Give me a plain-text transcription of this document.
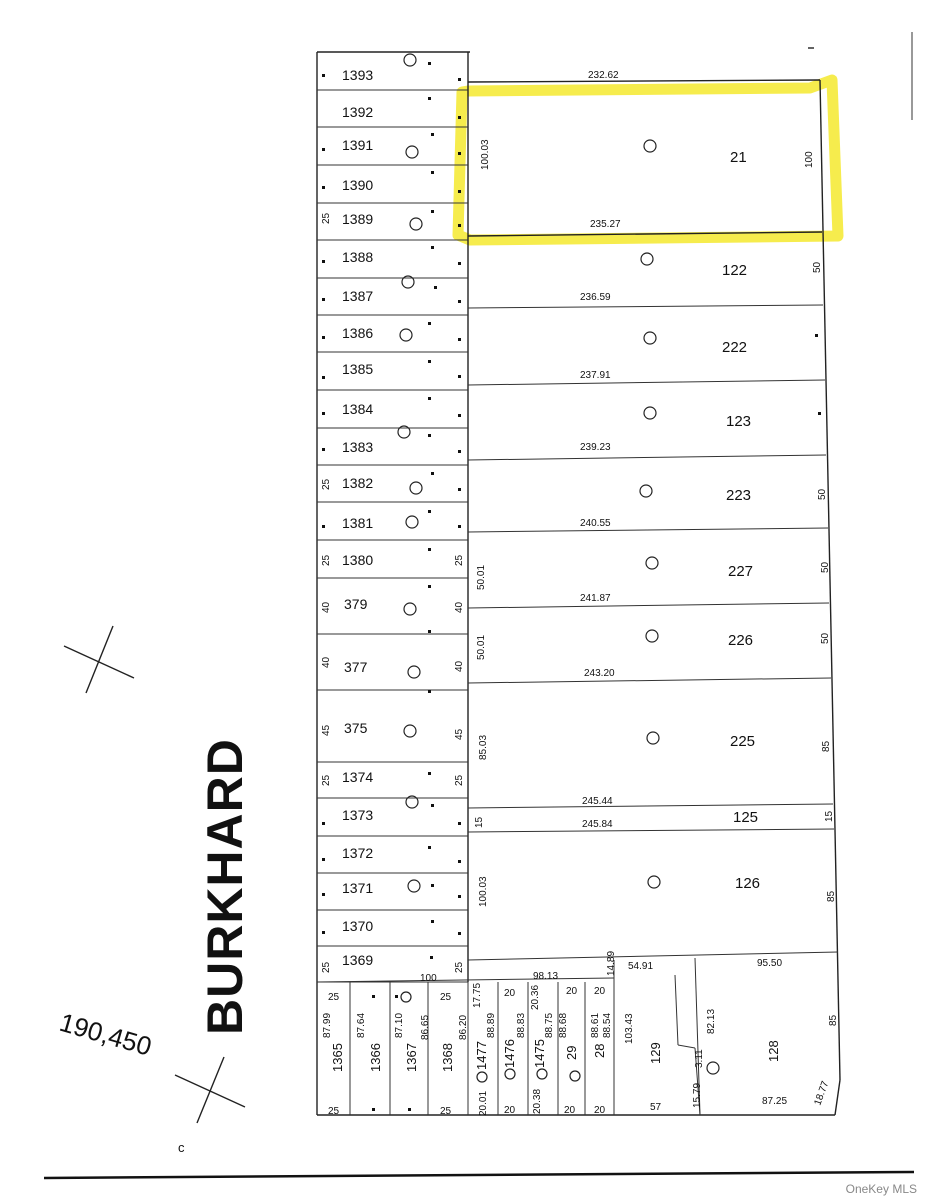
BURKHARD
190,450
c
1393
1392
1391
1390
1389
1388
1387
1386
1385
1384
1383
1382
1381
1380
379
377
375
1374
1373
1372
1371
1370
1369
21
122
222
123
223
227
226
225
125
126
232.62
235.27
236.59
237.91
239.23
240.55
241.87
243.20
245.44
245.84
100	98.13
54.91	95.50
87.25
100.03	100
50
50
50
50
85
15
85
85
50.01
50.01
85.03
15
100.03
25
25
25	25
40	40
40	40
45	45
25	25
25	25
25	25
25	25
20	20 20
20	20 20	57
18.77
1365 1366 1367 1368 1477 1476 1475 29 28	129	128
87.99 87.64	87.10 86.65	86.20
17.75
88.89 88.83
20.36
88.75 88.68 88.61 88.54
14.89
103.43	82.13
3.11
15.79
20.01	20.38
OneKey MLS
